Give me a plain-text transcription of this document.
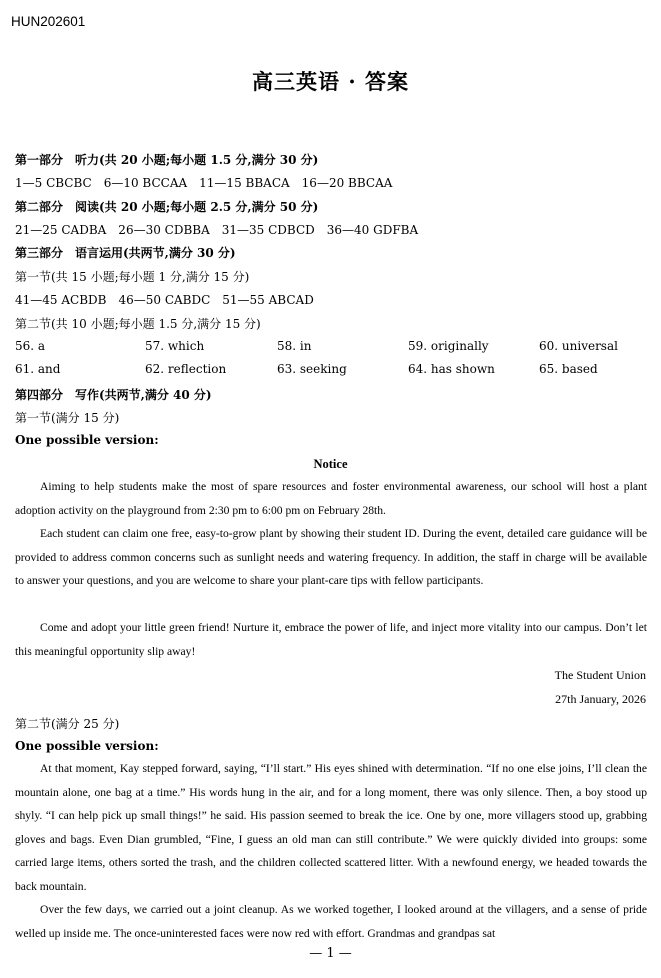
HUN202601
高三英语 · 答案
第一部分　听力(共 20 小题;每小题 1.5 分,满分 30 分)
1—5 CBCBC　6—10 BCCAA　11—15 BBACA　16—20 BBCAA
第二部分　阅读(共 20 小题;每小题 2.5 分,满分 50 分)
21—25 CADBA　26—30 CDBBA　31—35 CDBCD　36—40 GDFBA
第三部分　语言运用(共两节,满分 30 分)
第一节(共 15 小题;每小题 1 分,满分 15 分)
41—45 ACBDB　46—50 CABDC　51—55 ABCAD
第二节(共 10 小题;每小题 1.5 分,满分 15 分)
56. a	57. which	58. in	59. originally	60. universal
61. and	62. reflection	63. seeking	64. has shown	65. based
第四部分　写作(共两节,满分 40 分)
第一节(满分 15 分)
One possible version:
Notice
Aiming to help students make the most of spare resources and foster environmental awareness, our school will host a plant adoption activity on the playground from 2:30 pm to 6:00 pm on February 28th.
Each student can claim one free, easy-to-grow plant by showing their student ID. During the event, detailed care guidance will be provided to address common concerns such as sunlight needs and watering frequency. In addition, the staff in charge will be available to answer your questions, and you are welcome to share your plant-care tips with fellow participants.
Come and adopt your little green friend! Nurture it, embrace the power of life, and inject more vitality into our campus. Don’t let this meaningful opportunity slip away!
The Student Union
27th January, 2026
第二节(满分 25 分)
One possible version:
At that moment, Kay stepped forward, saying, “I’ll start.” His eyes shined with determination. “If no one else joins, I’ll clean the mountain alone, one bag at a time.” His words hung in the air, and for a long moment, there was only silence. Then, a boy stood up shyly. “I can help pick up small things!” he said. His passion seemed to break the ice. One by one, more villagers stood up, grabbing gloves and bags. Even Dian grumbled, “Fine, I guess an old man can still contribute.” We were quickly divided into groups: some carried large items, others sorted the trash, and the children collected scattered litter. With a newfound energy, we headed towards the back mountain.
Over the few days, we carried out a joint cleanup. As we worked together, I looked around at the villagers, and a sense of pride welled up inside me. The once-uninterested faces were now red with effort. Grandmas and grandpas sat
— 1 —
